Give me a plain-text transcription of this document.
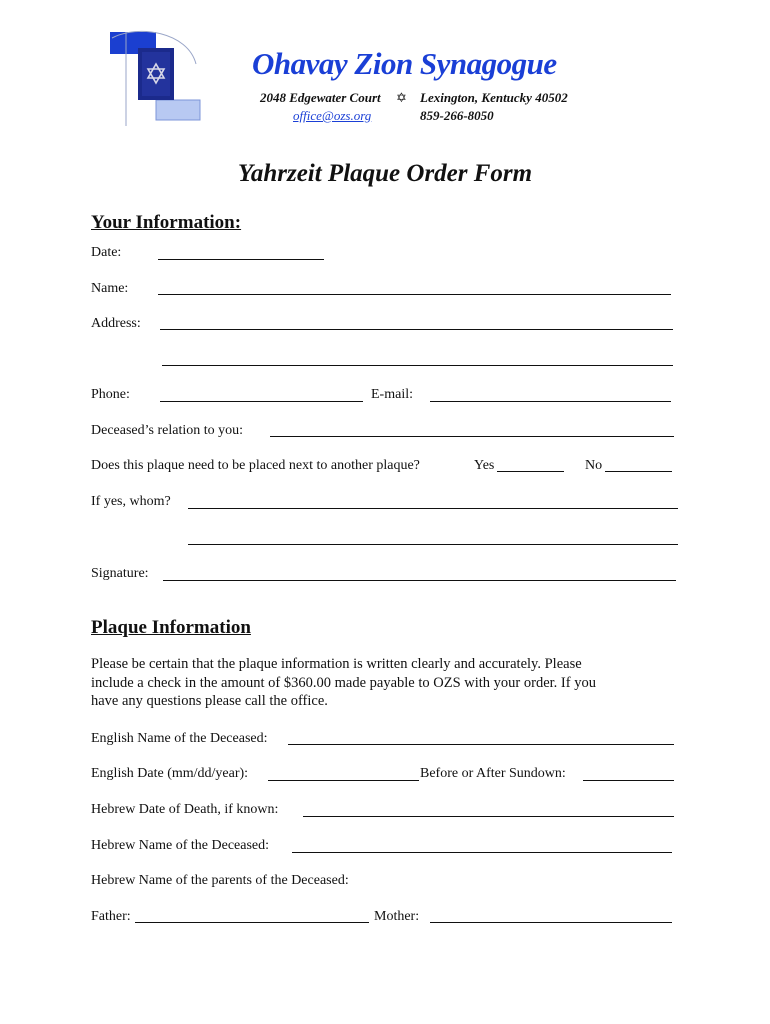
Ohavay Zion Synagogue
2048 Edgewater Court ✡ Lexington, Kentucky 40502
office@ozs.org	859-266-8050
Yahrzeit Plaque Order Form
Your Information:
Date:
Name:
Address:
Phone:	E-mail:
Deceased’s relation to you:
Does this plaque need to be placed next to another plaque?	Yes	No
If yes, whom?
Signature:
Plaque Information
Please be certain that the plaque information is written clearly and accurately. Please
include a check in the amount of $360.00 made payable to OZS with your order. If you
have any questions please call the office.
English Name of the Deceased:
English Date (mm/dd/year):	Before or After Sundown:
Hebrew Date of Death, if known:
Hebrew Name of the Deceased:
Hebrew Name of the parents of the Deceased:
Father:	Mother:
